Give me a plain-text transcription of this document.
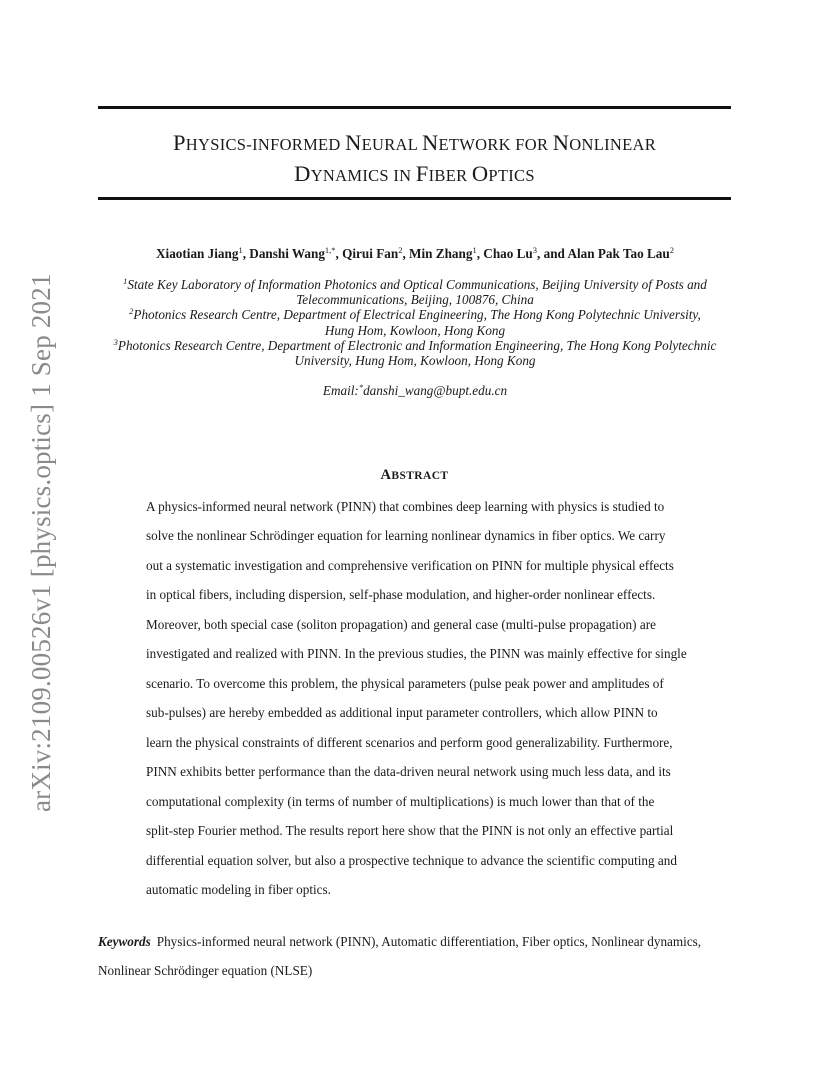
arXiv:2109.00526v1 [physics.optics] 1 Sep 2021
PHYSICS-INFORMED NEURAL NETWORK FOR NONLINEAR
DYNAMICS IN FIBER OPTICS
Xiaotian Jiang$^1$, Danshi Wang$^{1,*}$, Qirui Fan$^2$, Min Zhang$^1$, Chao Lu$^3$, and Alan Pak Tao Lau$^2$
$^1$State Key Laboratory of Information Photonics and Optical Communications, Beijing University of Posts and
Telecommunications, Beijing, 100876, China
$^2$Photonics Research Centre, Department of Electrical Engineering, The Hong Kong Polytechnic University,
Hung Hom, Kowloon, Hong Kong
$^3$Photonics Research Centre, Department of Electronic and Information Engineering, The Hong Kong Polytechnic
University, Hung Hom, Kowloon, Hong Kong
Email:*danshi_wang@bupt.edu.cn
ABSTRACT
A physics-informed neural network (PINN) that combines deep learning with physics is studied to
solve the nonlinear Schrödinger equation for learning nonlinear dynamics in fiber optics. We carry
out a systematic investigation and comprehensive verification on PINN for multiple physical effects
in optical fibers, including dispersion, self-phase modulation, and higher-order nonlinear effects.
Moreover, both special case (soliton propagation) and general case (multi-pulse propagation) are
investigated and realized with PINN. In the previous studies, the PINN was mainly effective for single
scenario. To overcome this problem, the physical parameters (pulse peak power and amplitudes of
sub-pulses) are hereby embedded as additional input parameter controllers, which allow PINN to
learn the physical constraints of different scenarios and perform good generalizability. Furthermore,
PINN exhibits better performance than the data-driven neural network using much less data, and its
computational complexity (in terms of number of multiplications) is much lower than that of the
split-step Fourier method. The results report here show that the PINN is not only an effective partial
differential equation solver, but also a prospective technique to advance the scientific computing and
automatic modeling in fiber optics.
Keywords Physics-informed neural network (PINN), Automatic differentiation, Fiber optics, Nonlinear dynamics,
Nonlinear Schrödinger equation (NLSE)
